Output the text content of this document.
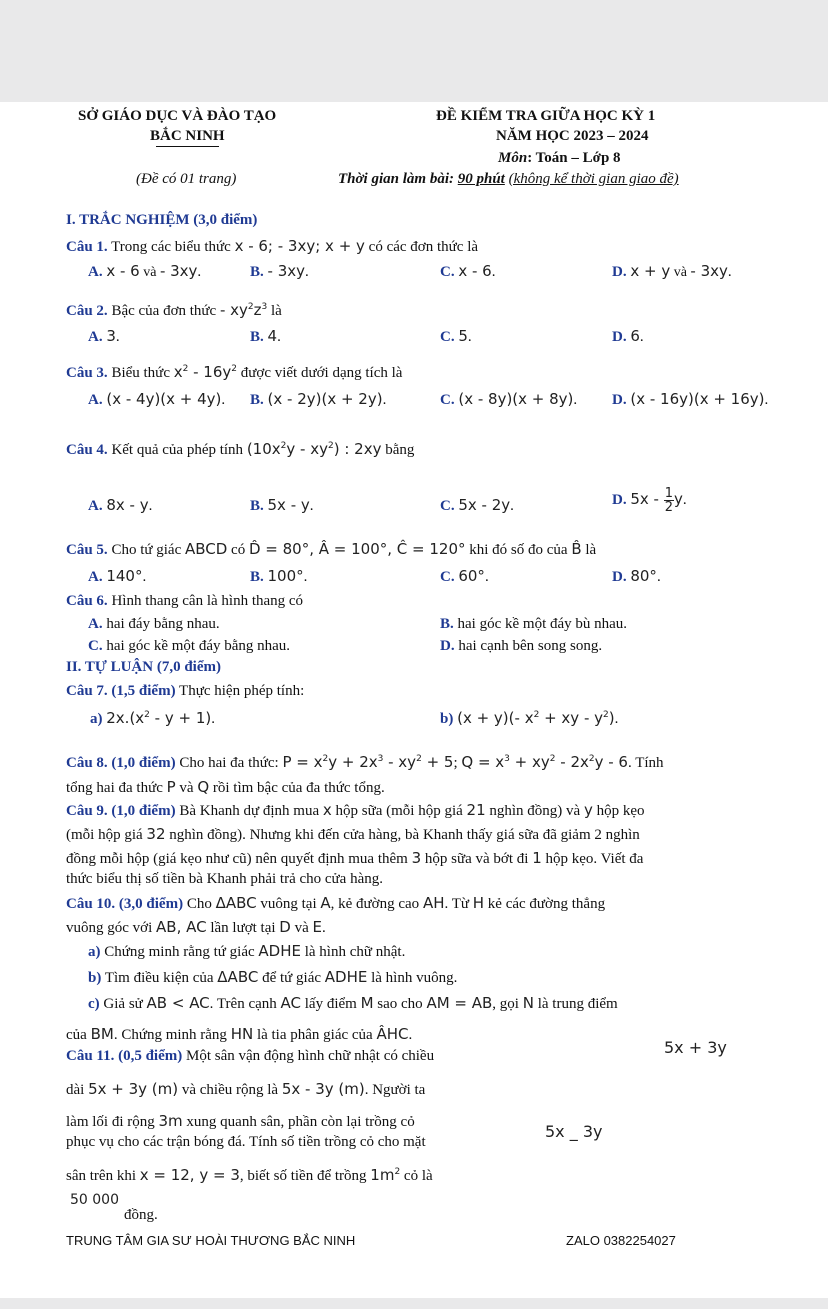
SỞ GIÁO DỤC VÀ ĐÀO TẠO
BẮC NINH
(Đề có 01 trang)
ĐỀ KIỂM TRA GIỮA HỌC KỲ 1
NĂM HỌC 2023 – 2024
Môn: Toán – Lớp 8
Thời gian làm bài: 90 phút (không kể thời gian giao đề)
I. TRẮC NGHIỆM (3,0 điểm)
Câu 1. Trong các biểu thức x - 6; - 3xy; x + y có các đơn thức là
A. x - 6 và - 3xy.	B. - 3xy.	C. x - 6.	D. x + y và - 3xy.
Câu 2. Bậc của đơn thức - $xy^2z^3$ là
A. 3.	B. 4.	C. 5.	D. 6.
Câu 3. Biểu thức $x^2 - 16y^2$ được viết dưới dạng tích là
A. (x - 4y)(x + 4y). B. (x - 2y)(x + 2y).	C. (x - 8y)(x + 8y). D. (x - 16y)(x + 16y).
Câu 4. Kết quả của phép tính $(10x^2y - xy^2)$ : 2xy bằng
A. 8x - y.	B. 5x - y.	C. 5x - 2y.	D. $5x - \frac{1}{2} y$.
Câu 5. Cho tứ giác ABCD có D̂ = 80°, Â = 100°, Ĉ = 120° khi đó số đo của B̂ là
A. 140°.	B. 100°.	C. 60°.	D. 80°.
Câu 6. Hình thang cân là hình thang có
A. hai đáy bằng nhau.	B. hai góc kề một đáy bù nhau.
C. hai góc kề một đáy bằng nhau.	D. hai cạnh bên song song.
II. TỰ LUẬN (7,0 điểm)
Câu 7. (1,5 điểm) Thực hiện phép tính:
a) $2x.(x^2 - y + 1)$.	b) (x + y)(- $x^2$ + xy - $y^2$).
Câu 8. (1,0 điểm) Cho hai đa thức: $P = x^2y + 2x^3 - xy^2 + 5$; $Q = x^3 + xy^2 - 2x^2y - 6$. Tính
tổng hai đa thức P và Q rồi tìm bậc của đa thức tổng.
Câu 9. (1,0 điểm) Bà Khanh dự định mua x hộp sữa (mỗi hộp giá 21 nghìn đồng) và y hộp kẹo
(mỗi hộp giá 32 nghìn đồng). Nhưng khi đến cửa hàng, bà Khanh thấy giá sữa đã giảm 2 nghìn
đồng mỗi hộp (giá kẹo như cũ) nên quyết định mua thêm 3 hộp sữa và bớt đi 1 hộp kẹo. Viết đa
thức biểu thị số tiền bà Khanh phải trả cho cửa hàng.
Câu 10. (3,0 điểm) Cho ΔABC vuông tại A, kẻ đường cao AH. Từ H kẻ các đường thẳng
vuông góc với AB, AC lần lượt tại D và E.
a) Chứng minh rằng tứ giác ADHE là hình chữ nhật.
b) Tìm điều kiện của ΔABC để tứ giác ADHE là hình vuông.
c) Giả sử AB < AC. Trên cạnh AC lấy điểm M sao cho AM = AB, gọi N là trung điểm
của BM. Chứng minh rằng HN là tia phân giác của ÂHC.
Câu 11. (0,5 điểm) Một sân vận động hình chữ nhật có chiều
dài 5x + 3y (m) và chiều rộng là 5x - 3y (m). Người ta
làm lối đi rộng 3m xung quanh sân, phần còn lại trồng cỏ
phục vụ cho các trận bóng đá. Tính số tiền trồng cỏ cho mặt
sân trên khi x = 12, y = 3, biết số tiền để trồng $1m^2$ cỏ là
50 000
đồng.
5x + 3y
5x _ 3y
TRUNG TÂM GIA SƯ HOÀI THƯƠNG BẮC NINH	ZALO 0382254027
